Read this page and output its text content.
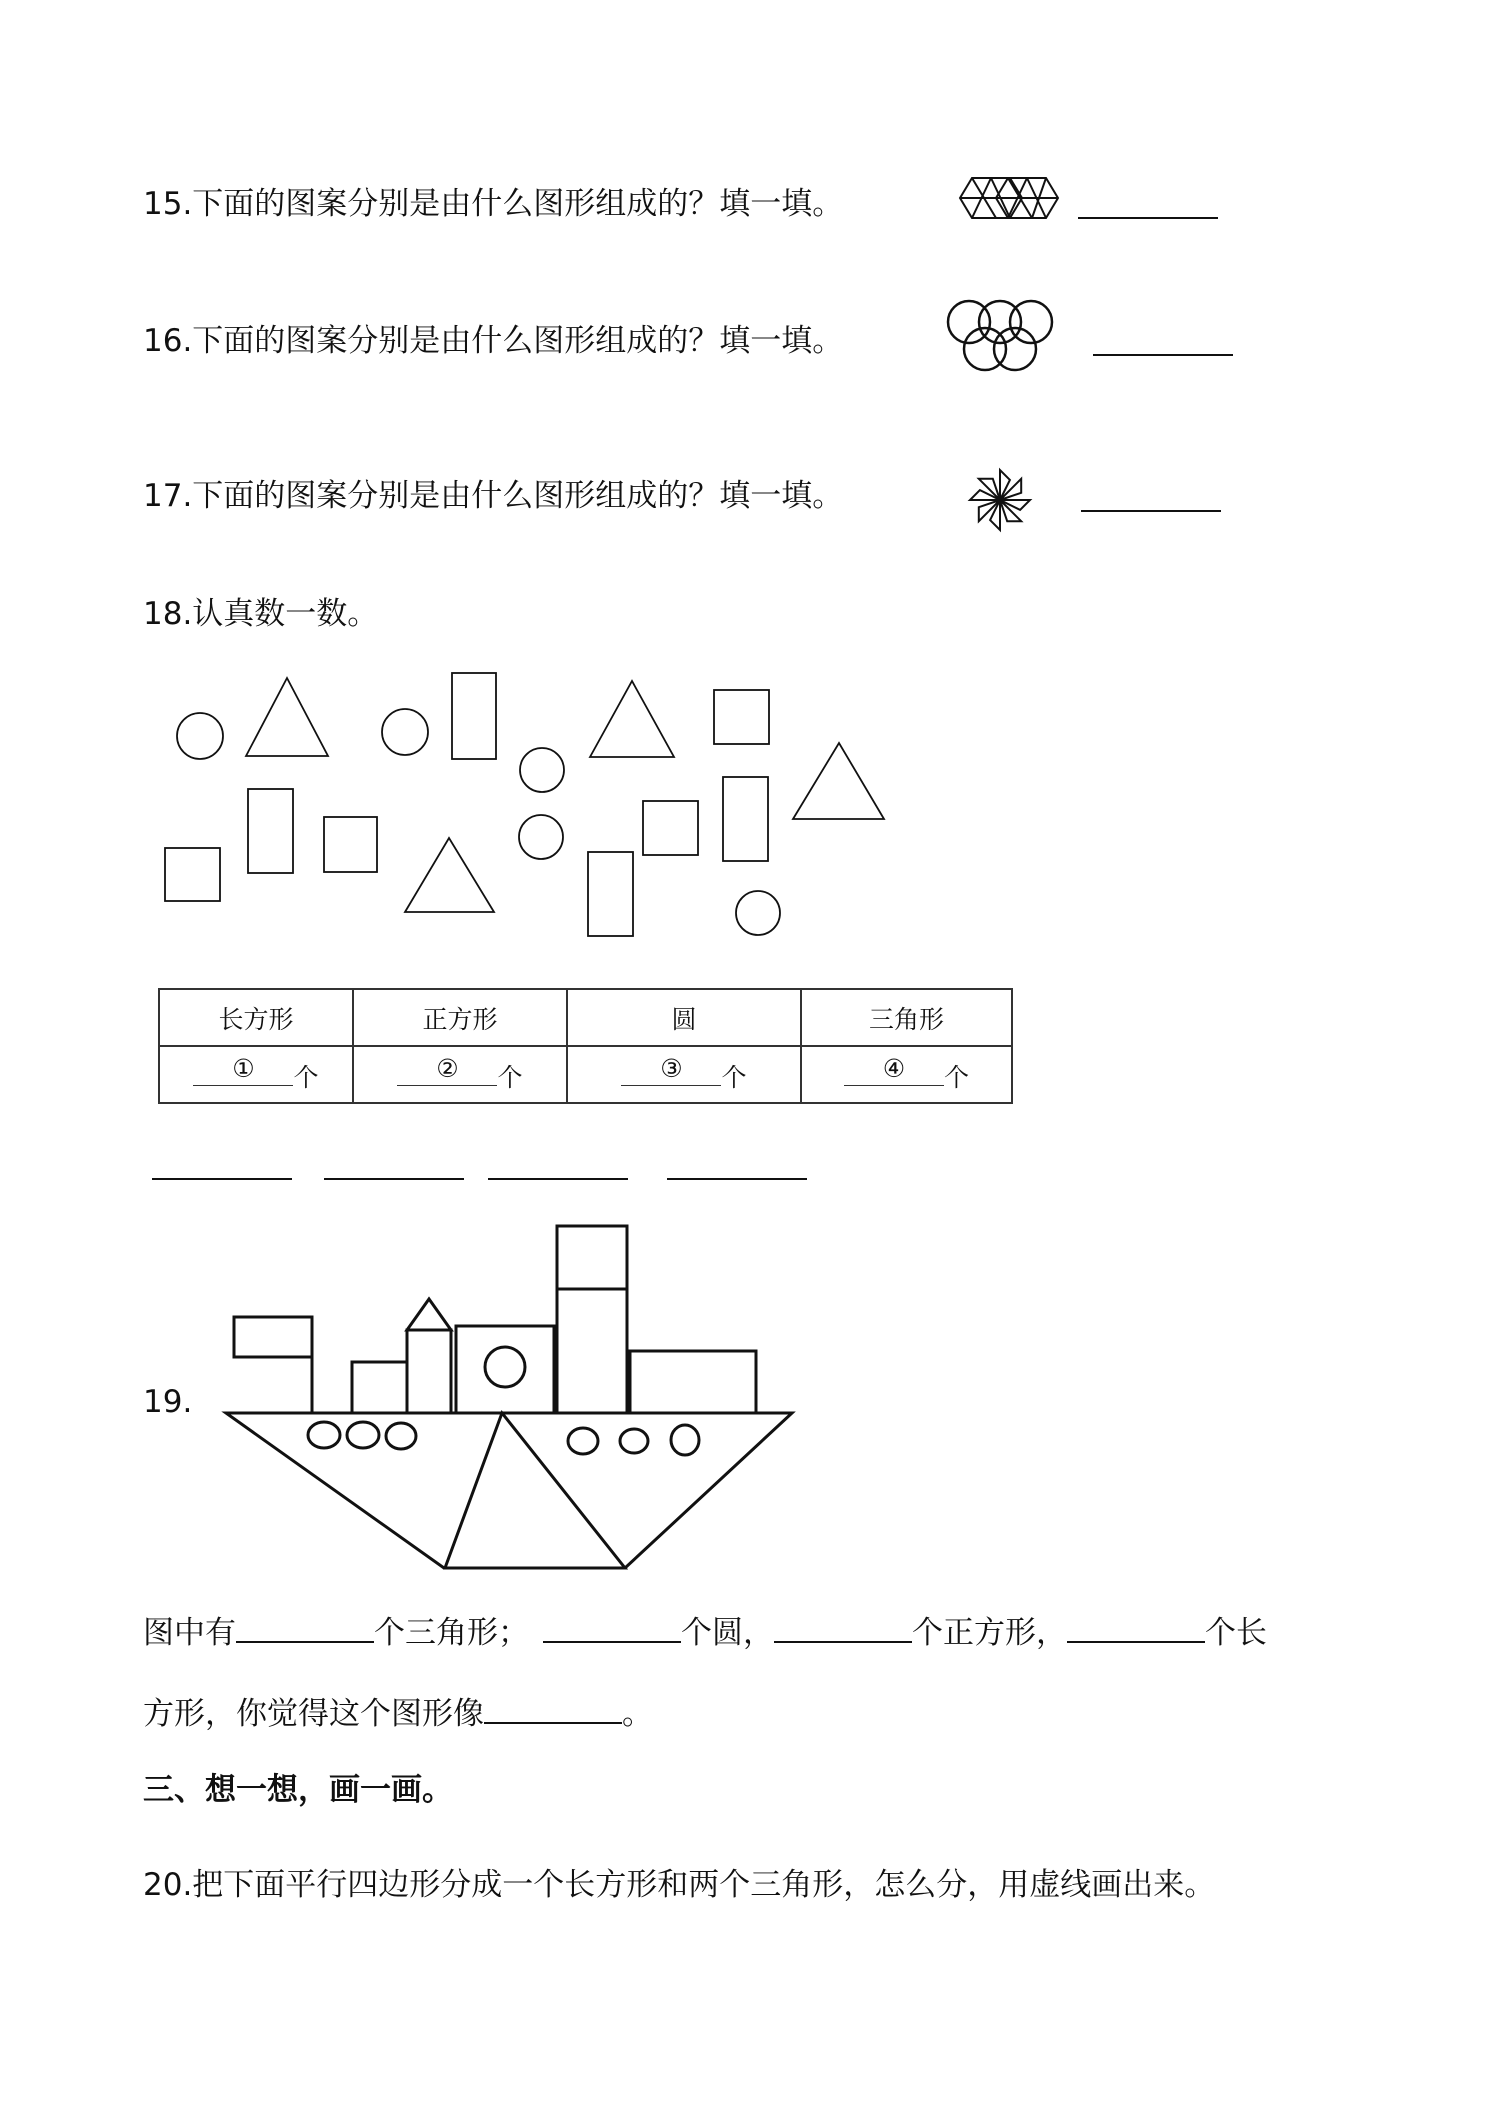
15.下面的图案分别是由什么图形组成的？填一填。
16.下面的图案分别是由什么图形组成的？填一填。
17.下面的图案分别是由什么图形组成的？填一填。
18.认真数一数。
长方形	正方形	圆	三角形

① 个	② 个	③ 个	④ 个
19.
图中有	个三角形；	个圆，	个正方形，	个长
方形，你觉得这个图形像	。
三、想一想，画一画。
20.把下面平行四边形分成一个长方形和两个三角形，怎么分，用虚线画出来。
